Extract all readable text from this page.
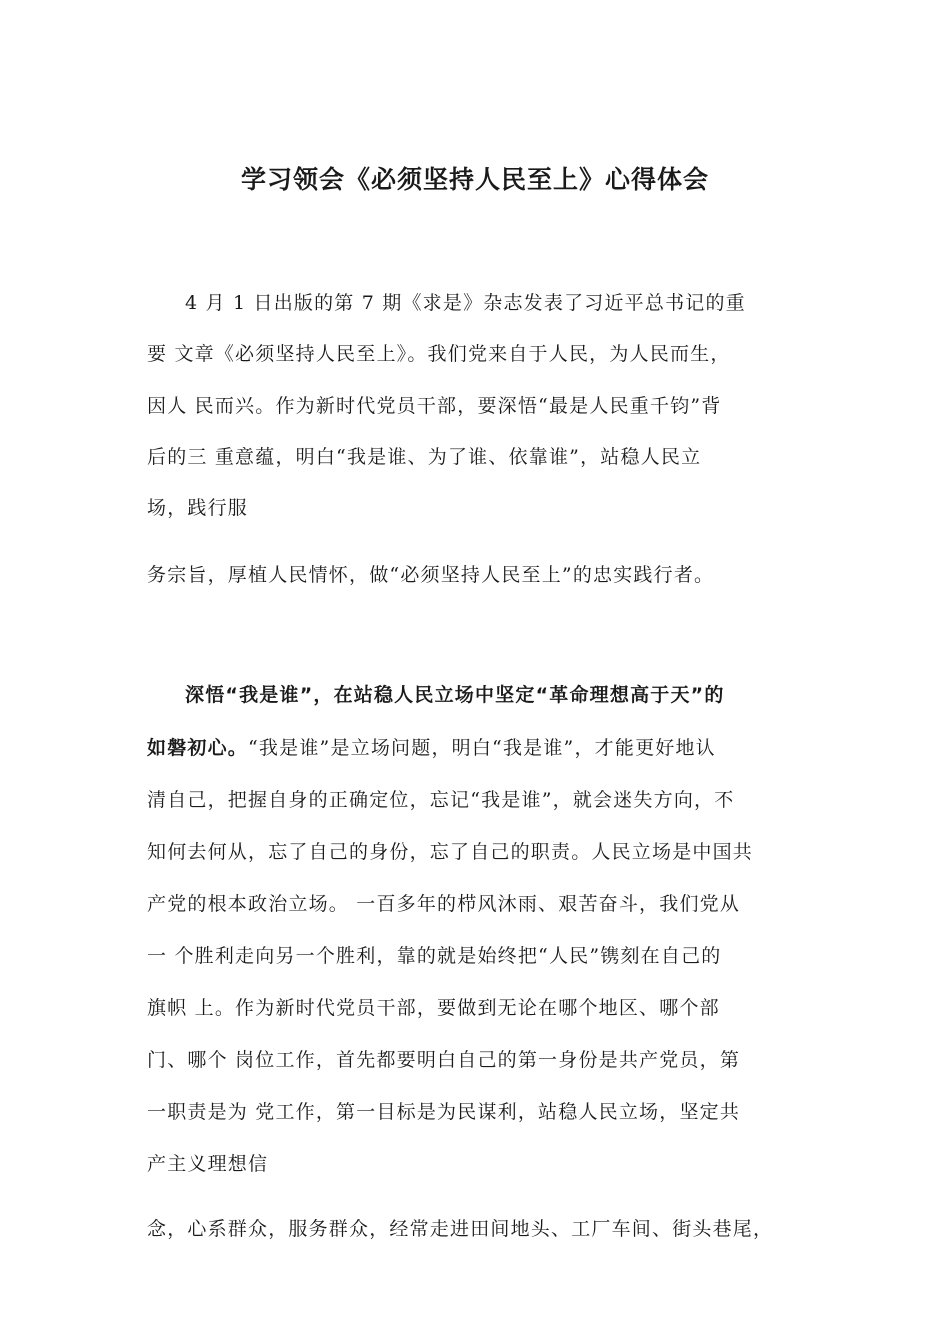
学习领会《必须坚持人民至上》心得体会
4 月 1 日出版的第 7 期《求是》杂志发表了习近平总书记的重
要 文章《必须坚持人民至上》。我们党来自于人民，为人民而生，
因人 民而兴。作为新时代党员干部，要深悟“最是人民重千钧”背
后的三 重意蕴，明白“我是谁、为了谁、依靠谁”，站稳人民立
场，践行服
务宗旨，厚植人民情怀，做“必须坚持人民至上”的忠实践行者。
深悟“我是谁”，在站稳人民立场中坚定“革命理想高于天”的
如磐初心。“我是谁”是立场问题，明白“我是谁”，才能更好地认
清自己，把握自身的正确定位，忘记“我是谁”，就会迷失方向，不
知何去何从，忘了自己的身份，忘了自己的职责。人民立场是中国共
产党的根本政治立场。 一百多年的栉风沐雨、艰苦奋斗，我们党从
一 个胜利走向另一个胜利，靠的就是始终把“人民”镌刻在自己的
旗帜 上。作为新时代党员干部，要做到无论在哪个地区、哪个部
门、哪个 岗位工作，首先都要明白自己的第一身份是共产党员，第
一职责是为 党工作，第一目标是为民谋利，站稳人民立场，坚定共
产主义理想信
念，心系群众，服务群众，经常走进田间地头、工厂车间、街头巷尾，
